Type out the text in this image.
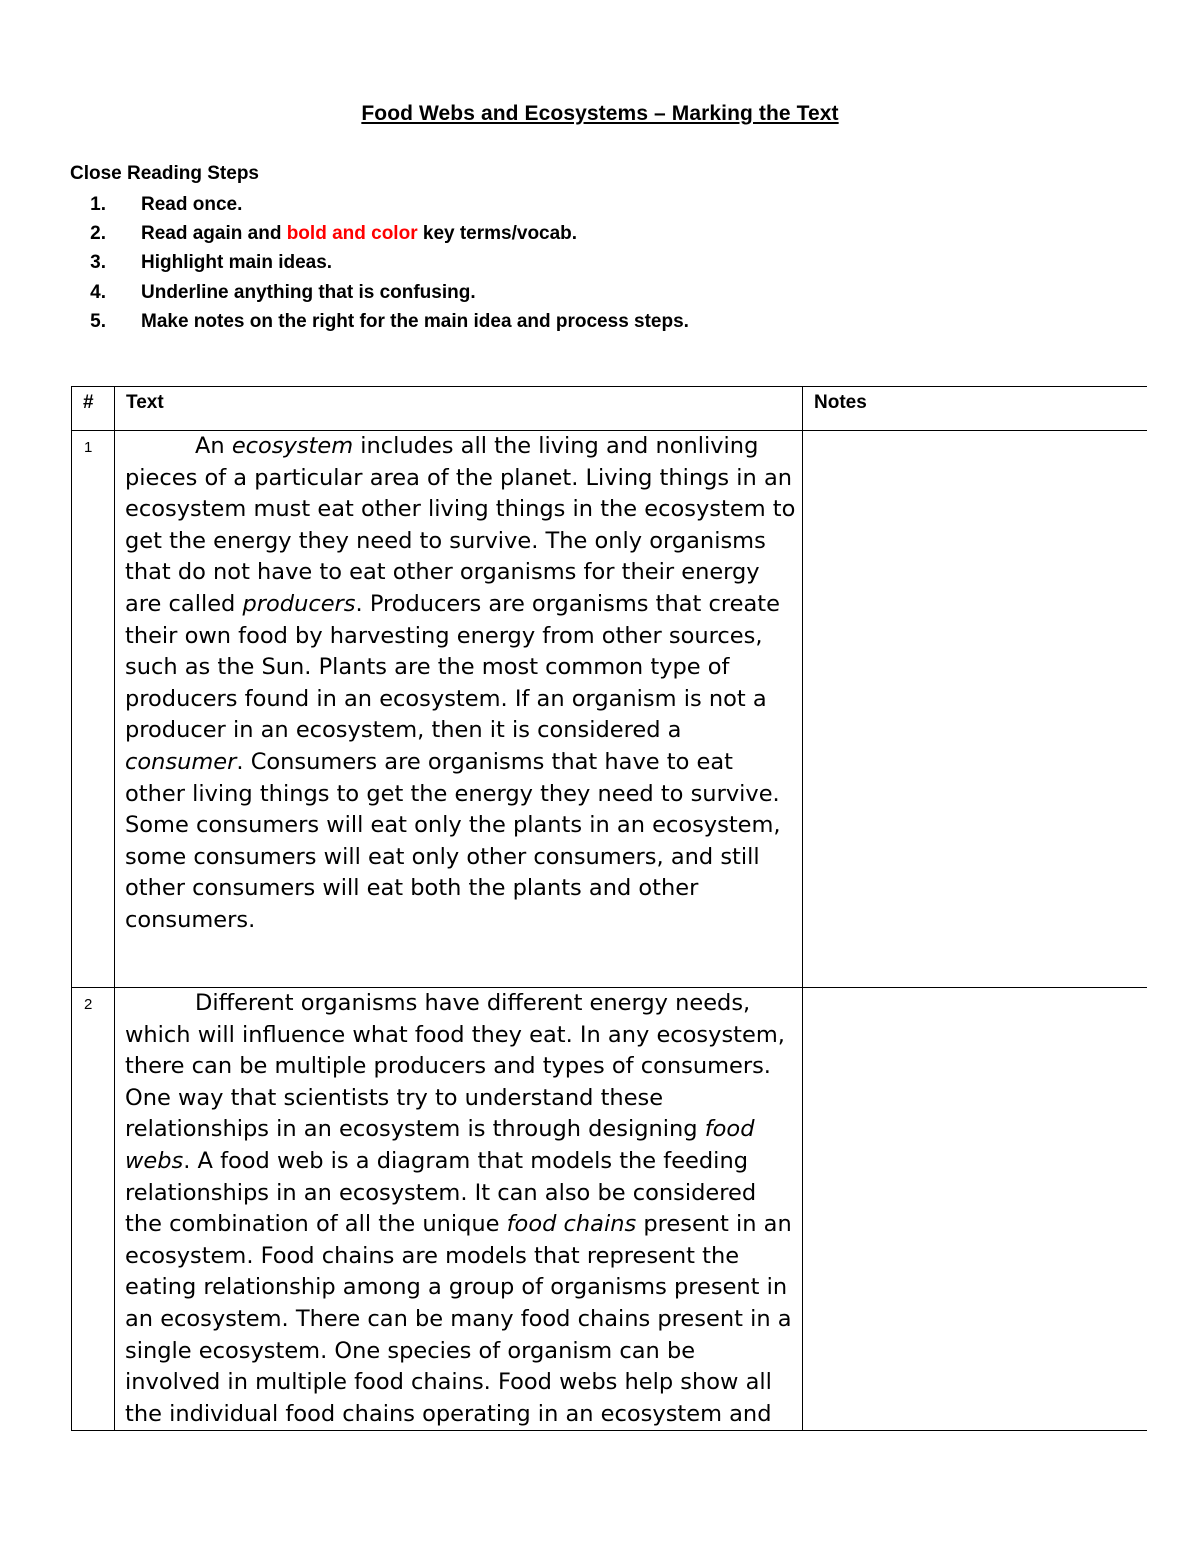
Food Webs and Ecosystems – Marking the Text
Close Reading Steps
1.	Read once.
2.	Read again and bold and color key terms/vocab.
3.	Highlight main ideas.
4.	Underline anything that is confusing.
5.	Make notes on the right for the main idea and process steps.
#	Text	Notes
1	An ecosystem includes all the living and nonliving pieces of a particular area of the planet. Living things in an ecosystem must eat other living things in the ecosystem to get the energy they need to survive. The only organisms that do not have to eat other organisms for their energy are called producers. Producers are organisms that create their own food by harvesting energy from other sources, such as the Sun. Plants are the most common type of producers found in an ecosystem. If an organism is not a producer in an ecosystem, then it is considered a consumer. Consumers are organisms that have to eat other living things to get the energy they need to survive. Some consumers will eat only the plants in an ecosystem, some consumers will eat only other consumers, and still other consumers will eat both the plants and other consumers.	

2	Different organisms have different energy needs, which will influence what food they eat. In any ecosystem, there can be multiple producers and types of consumers. One way that scientists try to understand these relationships in an ecosystem is through designing food webs. A food web is a diagram that models the feeding relationships in an ecosystem. It can also be considered the combination of all the unique food chains present in an ecosystem. Food chains are models that represent the eating relationship among a group of organisms present in an ecosystem. There can be many food chains present in a single ecosystem. One species of organism can be involved in multiple food chains. Food webs help show all the individual food chains operating in an ecosystem and	
